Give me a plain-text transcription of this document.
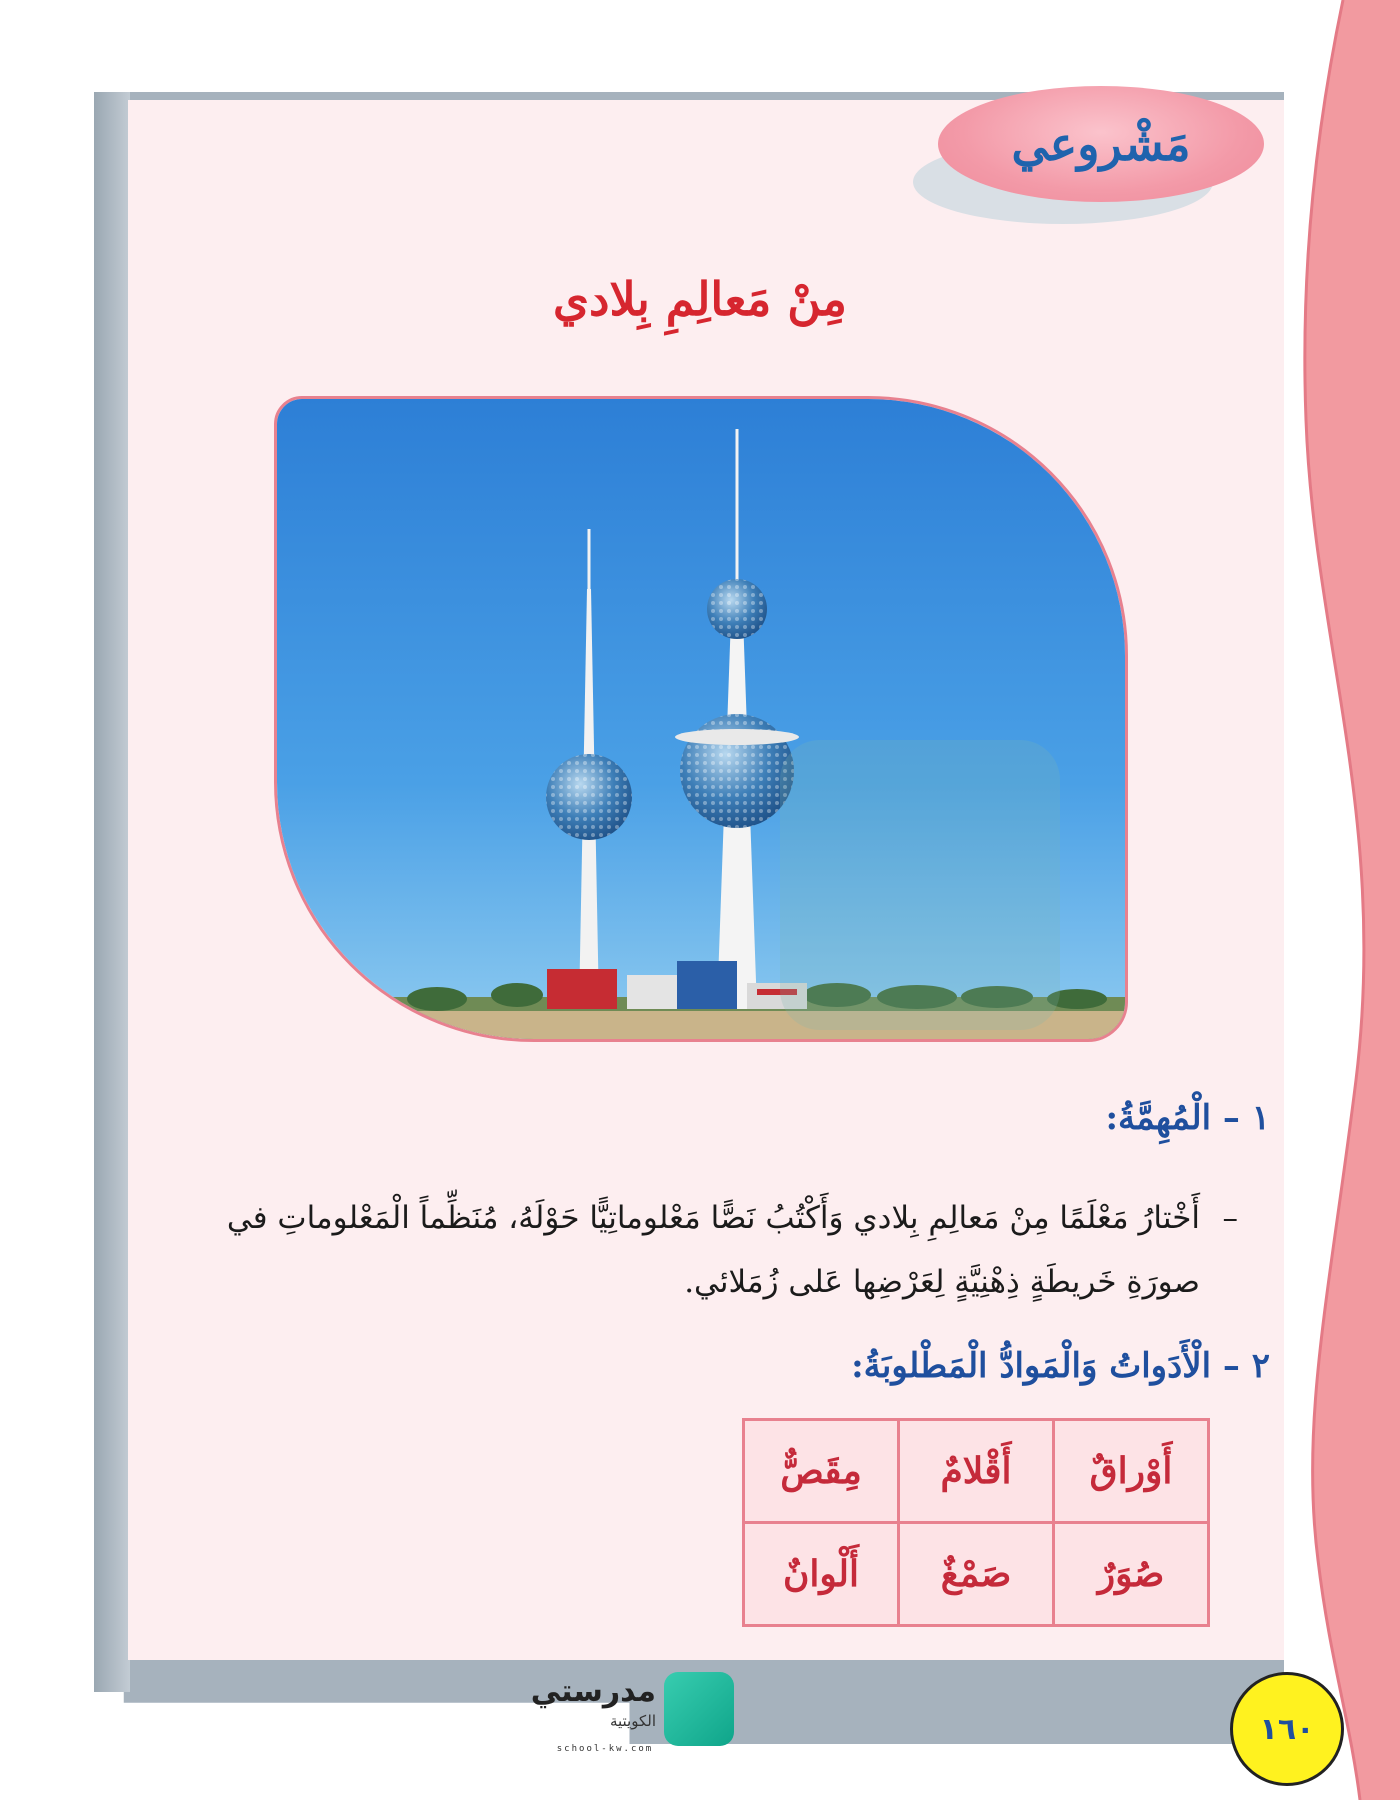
مَشْروعي
مِنْ مَعالِمِ بِلادي
١ – الْمُهِمَّةُ:
–
أَخْتارُ مَعْلَمًا مِنْ مَعالِمِ بِلادي وَأَكْتُبُ نَصًّا مَعْلوماتِيًّا حَوْلَهُ، مُنَظِّماً الْمَعْلوماتِ في صورَةِ خَريطَةٍ ذِهْنِيَّةٍ لِعَرْضِها عَلى زُمَلائي.
٢ – الْأَدَواتُ وَالْمَوادُّ الْمَطْلوبَةُ:
أَوْراقٌ	أَقْلامٌ	مِقَصٌّ
صُوَرٌ	صَمْغٌ	أَلْوانٌ
مدرستي
الكويتية
school-kw.com
١٦٠
